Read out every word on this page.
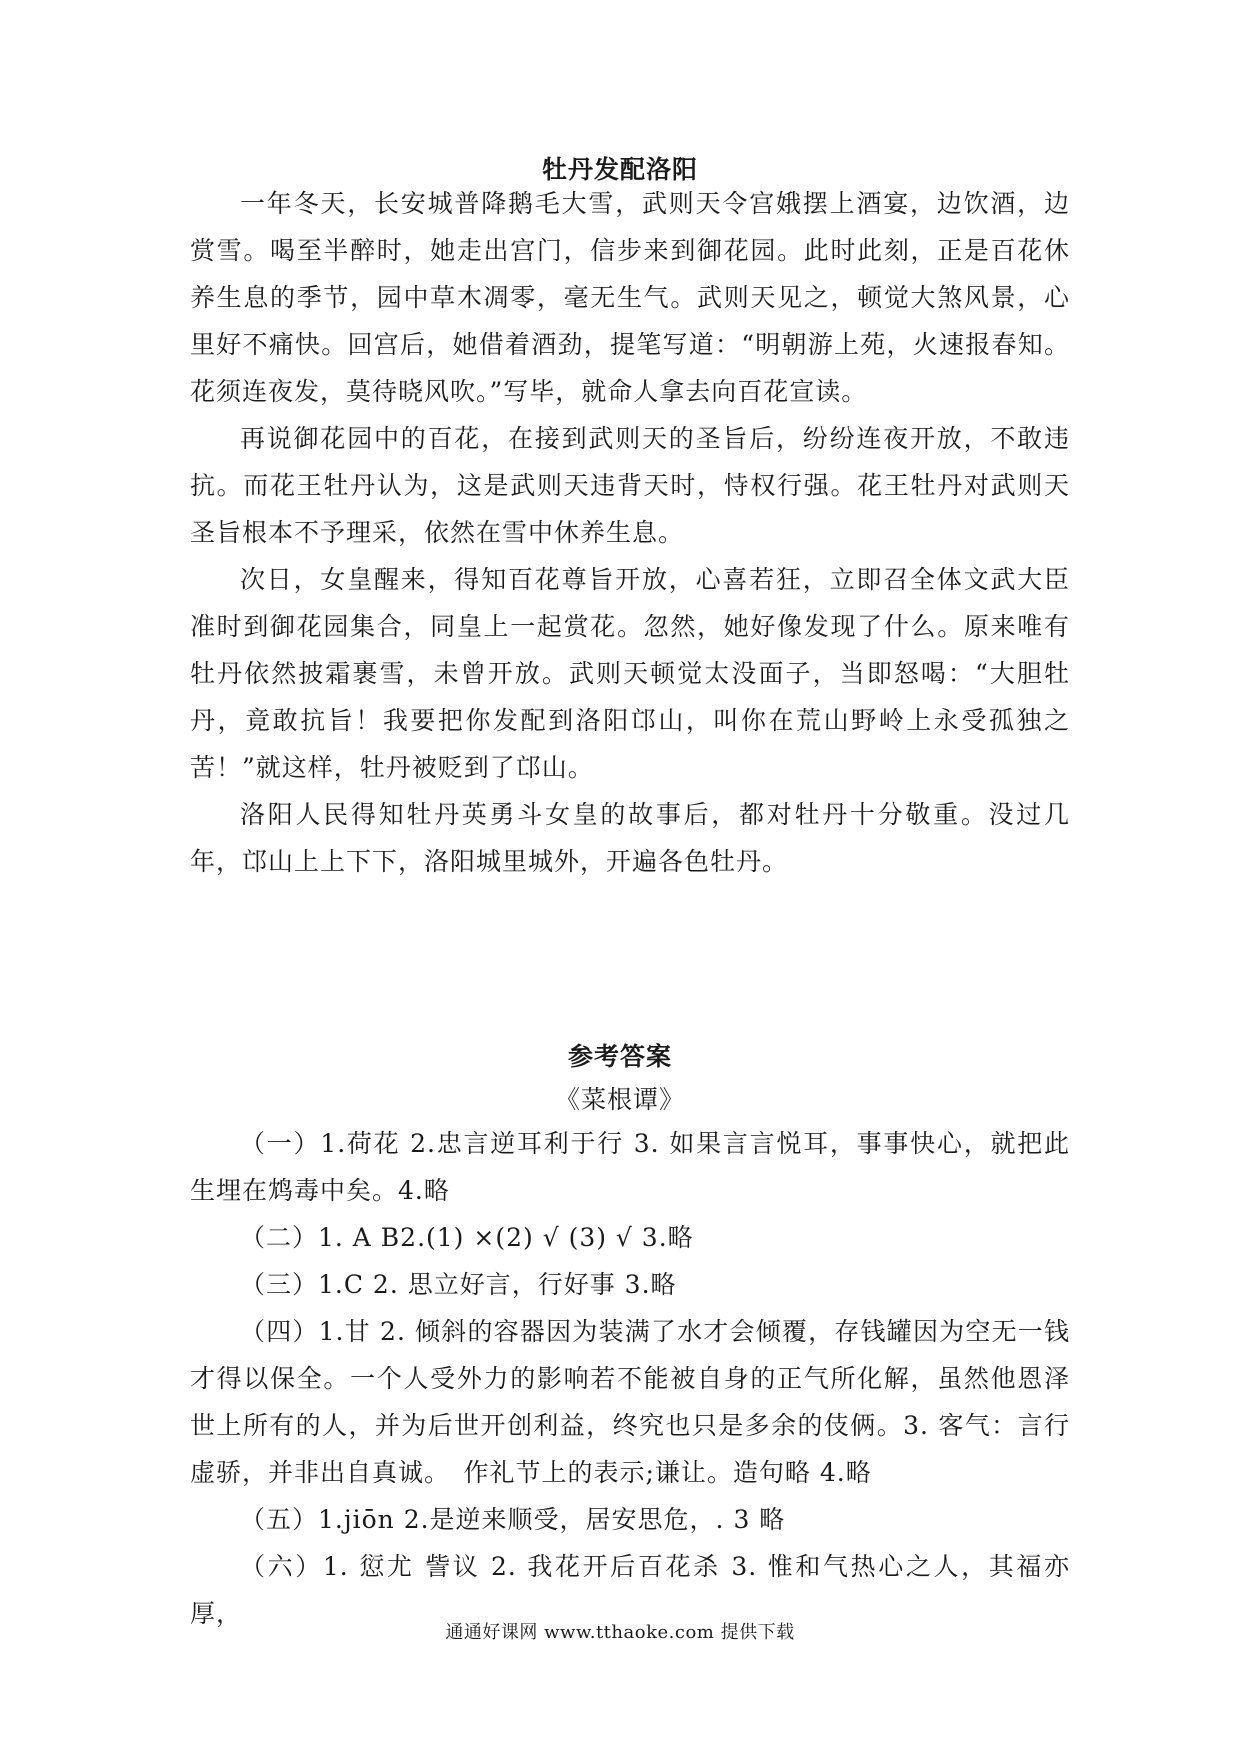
牡丹发配洛阳
一年冬天，长安城普降鹅毛大雪，武则天令宫娥摆上酒宴，边饮酒，边赏雪。喝至半醉时，她走出宫门，信步来到御花园。此时此刻，正是百花休养生息的季节，园中草木凋零，毫无生气。武则天见之，顿觉大煞风景，心里好不痛快。回宫后，她借着酒劲，提笔写道：“明朝游上苑，火速报春知。花须连夜发，莫待晓风吹。”写毕，就命人拿去向百花宣读。
再说御花园中的百花，在接到武则天的圣旨后，纷纷连夜开放，不敢违抗。而花王牡丹认为，这是武则天违背天时，恃权行强。花王牡丹对武则天圣旨根本不予理采，依然在雪中休养生息。
次日，女皇醒来，得知百花尊旨开放，心喜若狂，立即召全体文武大臣准时到御花园集合，同皇上一起赏花。忽然，她好像发现了什么。原来唯有牡丹依然披霜裹雪，未曾开放。武则天顿觉太没面子，当即怒喝：“大胆牡丹，竟敢抗旨！我要把你发配到洛阳邙山，叫你在荒山野岭上永受孤独之苦！”就这样，牡丹被贬到了邙山。
洛阳人民得知牡丹英勇斗女皇的故事后，都对牡丹十分敬重。没过几年，邙山上上下下，洛阳城里城外，开遍各色牡丹。
参考答案
《菜根谭》
（一）1.荷花 2.忠言逆耳利于行 3. 如果言言悦耳，事事快心，就把此生埋在鸩毒中矣。4.略
（二）1. A B2.(1) ×(2) √ (3) √ 3.略
（三）1.C 2. 思立好言，行好事 3.略
（四）1.甘 2. 倾斜的容器因为装满了水才会倾覆，存钱罐因为空无一钱才得以保全。一个人受外力的影响若不能被自身的正气所化解，虽然他恩泽世上所有的人，并为后世开创利益，终究也只是多余的伎俩。3. 客气：言行虚骄，并非出自真诚。　作礼节上的表示;谦让。造句略 4.略
（五）1.jiōn 2.是逆来顺受，居安思危，. 3 略
（六）1. 愆尤 訾议 2. 我花开后百花杀 3. 惟和气热心之人，其福亦厚，
通通好课网 www.tthaoke.com 提供下载
